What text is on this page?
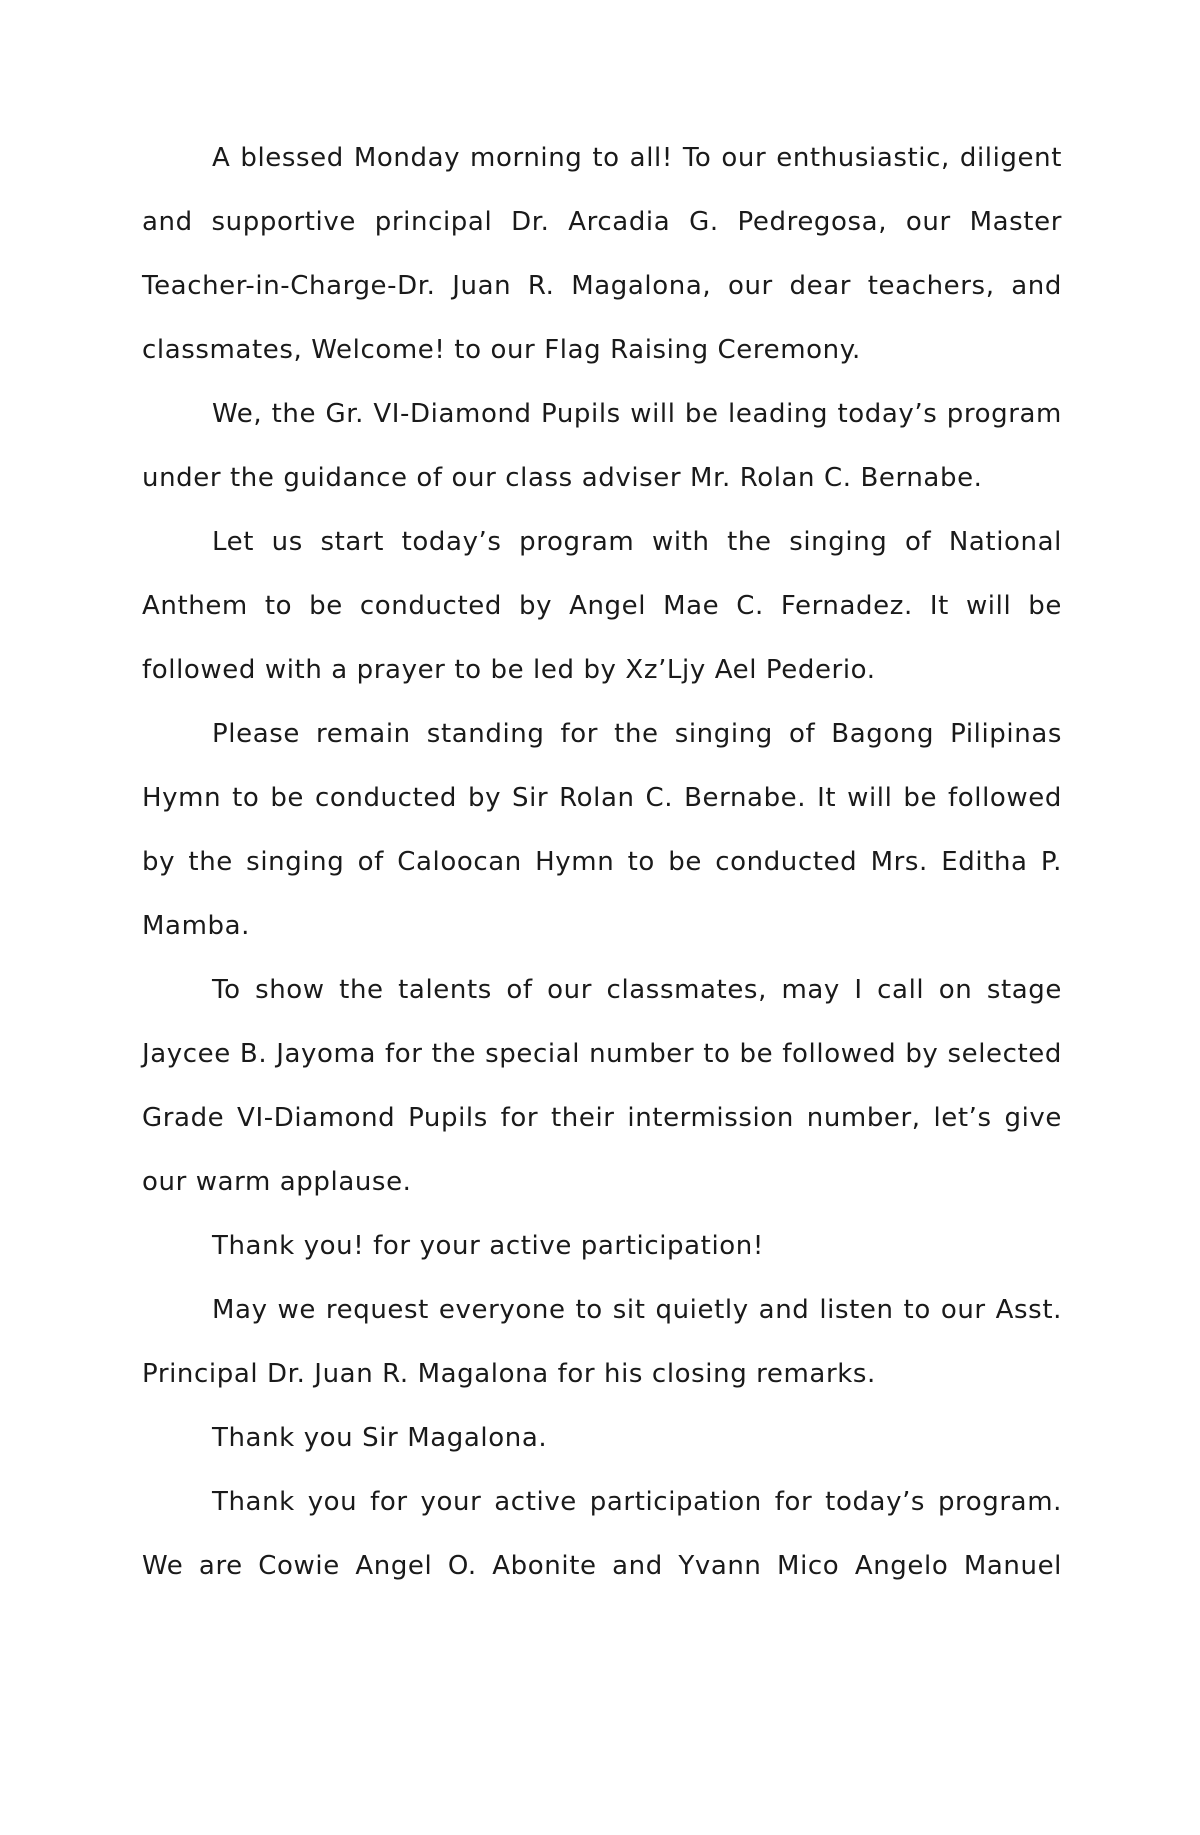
A blessed Monday morning to all! To our enthusiastic, diligent and supportive principal Dr. Arcadia G. Pedregosa, our Master Teacher-in-Charge-Dr. Juan R. Magalona, our dear teachers, and classmates, Welcome! to our Flag Raising Ceremony.

We, the Gr. VI-Diamond Pupils will be leading today’s program under the guidance of our class adviser Mr. Rolan C. Bernabe.

Let us start today’s program with the singing of National Anthem to be conducted by Angel Mae C. Fernadez. It will be followed with a prayer to be led by Xz’Ljy Ael Pederio.

Please remain standing for the singing of Bagong Pilipinas Hymn to be conducted by Sir Rolan C. Bernabe. It will be followed by the singing of Caloocan Hymn to be conducted Mrs. Editha P. Mamba.

To show the talents of our classmates, may I call on stage Jaycee B. Jayoma for the special number to be followed by selected Grade VI-Diamond Pupils for their intermission number, let’s give our warm applause.

Thank you! for your active participation!

May we request everyone to sit quietly and listen to our Asst. Principal Dr. Juan R. Magalona for his closing remarks.

Thank you Sir Magalona.

Thank you for your active participation for today’s program. We are Cowie Angel O. Abonite and Yvann Mico Angelo Manuel
